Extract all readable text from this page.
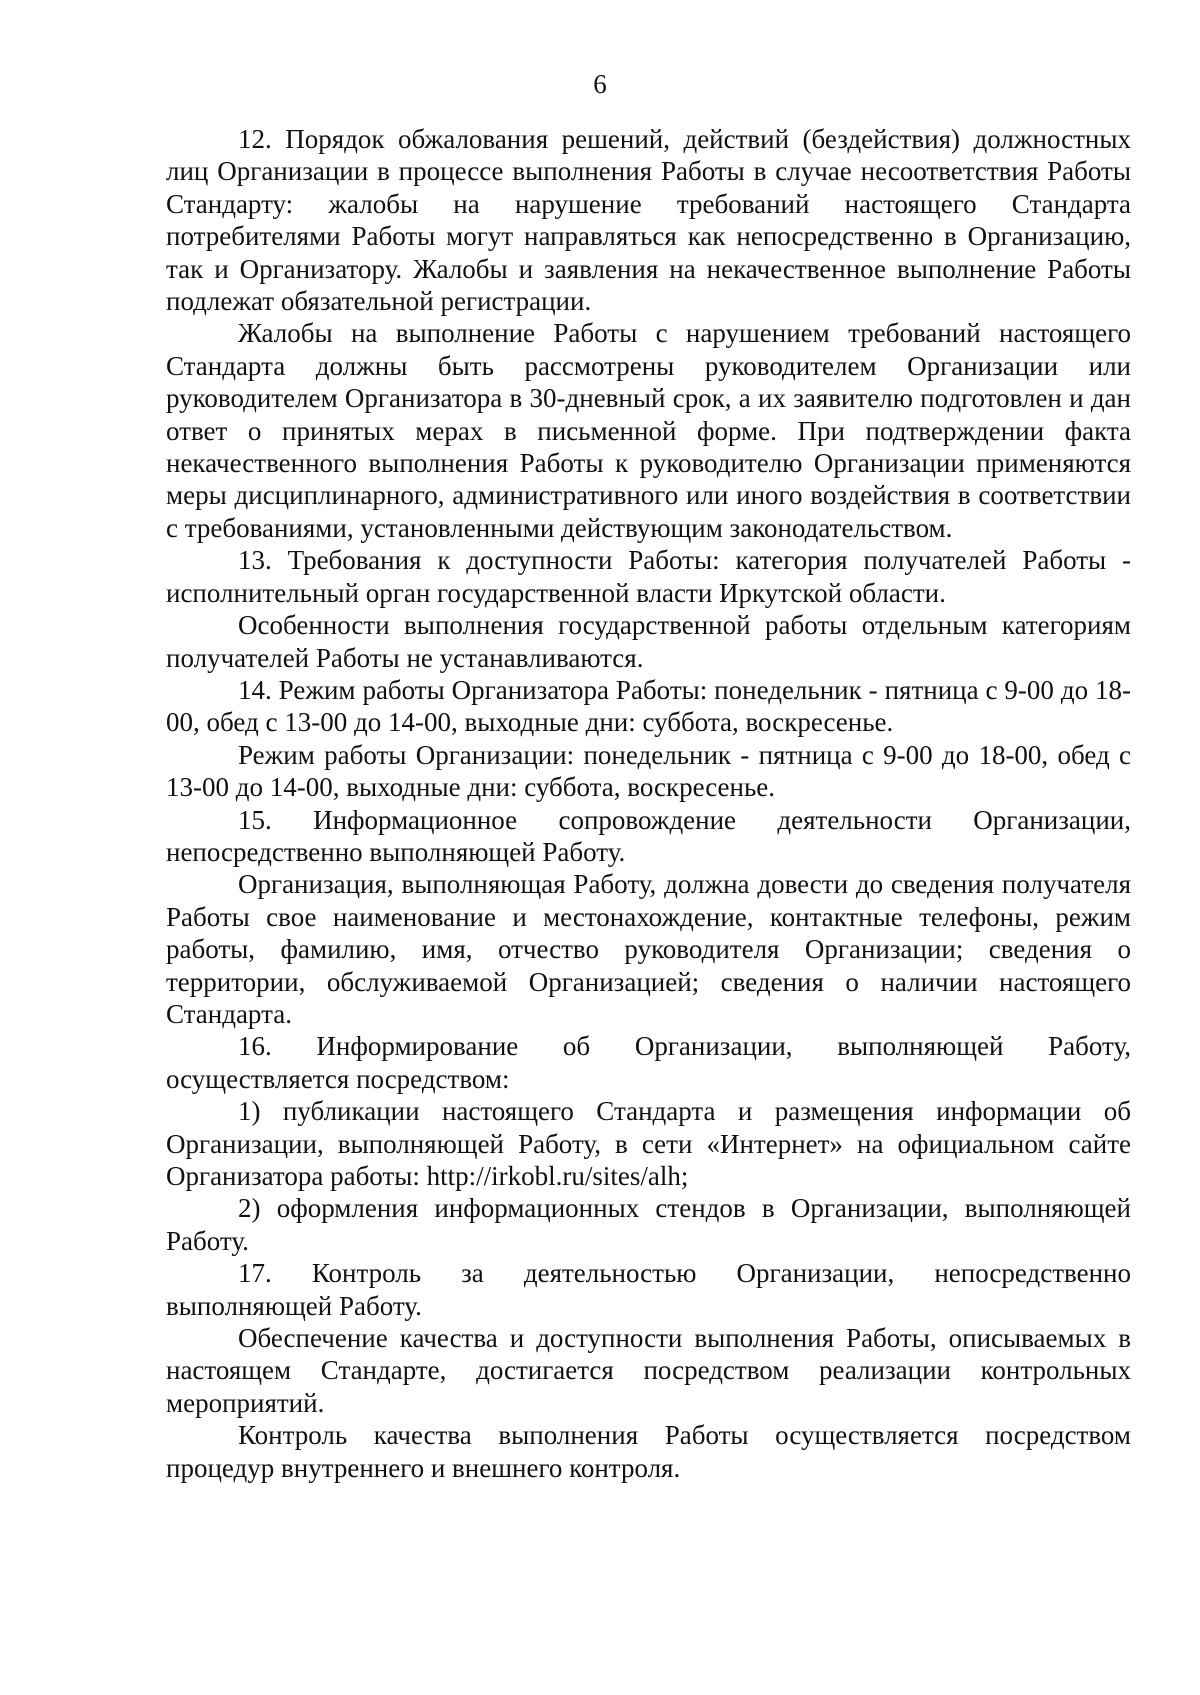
6

12. Порядок обжалования решений, действий (бездействия) должностных лиц Организации в процессе выполнения Работы в случае несоответствия Работы Стандарту: жалобы на нарушение требований настоящего Стандарта потребителями Работы могут направляться как непосредственно в Организацию, так и Организатору. Жалобы и заявления на некачественное выполнение Работы подлежат обязательной регистрации.

Жалобы на выполнение Работы с нарушением требований настоящего Стандарта должны быть рассмотрены руководителем Организации или руководителем Организатора в 30-дневный срок, а их заявителю подготовлен и дан ответ о принятых мерах в письменной форме. При подтверждении факта некачественного выполнения Работы к руководителю Организации применяются меры дисциплинарного, административного или иного воздействия в соответствии с требованиями, установленными действующим законодательством.

13. Требования к доступности Работы: категория получателей Работы - исполнительный орган государственной власти Иркутской области.

Особенности выполнения государственной работы отдельным категориям получателей Работы не устанавливаются.

14. Режим работы Организатора Работы: понедельник - пятница с 9-00 до 18-00, обед с 13-00 до 14-00, выходные дни: суббота, воскресенье.

Режим работы Организации: понедельник - пятница с 9-00 до 18-00, обед с 13-00 до 14-00, выходные дни: суббота, воскресенье.

15. Информационное сопровождение деятельности Организации, непосредственно выполняющей Работу.

Организация, выполняющая Работу, должна довести до сведения получателя Работы свое наименование и местонахождение, контактные телефоны, режим работы, фамилию, имя, отчество руководителя Организации; сведения о территории, обслуживаемой Организацией; сведения о наличии настоящего Стандарта.

16. Информирование об Организации, выполняющей Работу, осуществляется посредством:

1) публикации настоящего Стандарта и размещения информации об Организации, выполняющей Работу, в сети «Интернет» на официальном сайте Организатора работы: http://irkobl.ru/sites/alh;

2) оформления информационных стендов в Организации, выполняющей Работу.

17. Контроль за деятельностью Организации, непосредственно выполняющей Работу.

Обеспечение качества и доступности выполнения Работы, описываемых в настоящем Стандарте, достигается посредством реализации контрольных мероприятий.

Контроль качества выполнения Работы осуществляется посредством процедур внутреннего и внешнего контроля.
